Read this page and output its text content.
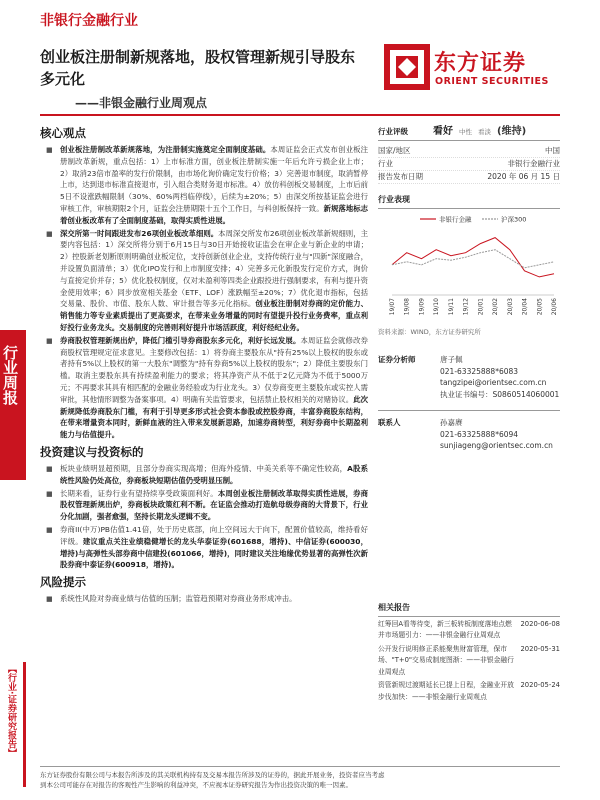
非银行金融行业
创业板注册制新规落地，股权管理新规引导股东多元化
——非银金融行业周观点
东方证券
ORIENT SECURITIES
行业周报
【行业·证券研究报告】
核心观点
■ 创业板注册制改革新规落地，为注册制实施奠定全面制度基础。本周证监会正式发布创业板注册制改革新规，重点包括：1）上市标准方面，创业板注册制实施一年后允许亏损企业上市；2）取消23倍市盈率的发行价限制，由市场化询价确定发行价格；3）完善退市制度，取消暂停上市，达到退市标准直接退市，引入组合类财务退市标准。4）放仿科创板交易制度，上市后前5日不设涨跌幅限制（30%、60%两档临停线），后续为±20%；5）由深交所按基证监会进行审核工作，审核期限2个月，证监会注册期限十五个工作日，与科创板保持一致。新规落地标志着创业板改革有了全面制度基础，取得实质性进展。
■ 深交所第一时间跟进发布26项创业板改革细则。本周深交所发布26项创业板改革新规细则，主要内容包括：1）深交所将分别于6月15日与30日开始接收证监会在审企业与新企业的申请；2）控股新老划断原则明确创业板定位，支持创新创业企业，支持传统行业与"四新"深度融合，并设置负面清单；3）优化IPO发行和上市制度安排；4）完善多元化新股发行定价方式，询价与直接定价并存；5）优化股权制度，仅对未盈利等四类企业跟投进行强制要求，有利与提升资金使用效率；6）同步放宽相关基金（ETF、LOF）涨跌幅至±20%；7）优化退市指标，包括交易量、股价、市值、股东人数、审计报告等多元化指标。创业板注册制对券商的定价能力、销售能力等专业素质提出了更高要求，在带来业务增量的同时有望提升投行业务费率，重点利好投行业务龙头。交易制度的完善则利好提升市场活跃度，利好经纪业务。
■ 券商股权管理新规出炉，降低门槛引导券商股东多元化，利好长远发展。本周证监会就修改券商股权管理规定征求意见。主要修改包括：1）将券商主要股东从"持有25%以上股权的股东或者持有5%以上股权的第一大股东"调整为"持有券商5%以上股权的股东"；2）降低主要股东门槛。取消主要股东具有持续盈利能力的要求；将其净资产从不低于2亿元降为不低于5000万元；不再要求其具有相匹配的金融业务经验或为行业龙头。3）仅券商变更主要股东或实控人需审批，其他情形调整为备案事项。4）明确有关监管要求，包括禁止股权相关的对赌协议。此次新规降低券商股东门槛，有利于引导更多形式社会资本参股或控股券商，丰富券商股东结构，在带来增量资本同时，新鲜血液的注入带来发展新思路，加速券商转型，利好券商中长期盈利能力与估值提升。
投资建议与投资标的
■ 板块业绩明显超预期，且部分券商实现高增；但海外疫情、中美关系等不确定性较高，A股系统性风险仍处高位，券商板块短期估值仍受明显压制。
■ 长期来看，证券行业有望持续享受政策面利好。本周创业板注册制改革取得实质性进展，券商股权管理新规出炉，券商板块政策红利不断。在证监会推动打造航母级券商的大背景下，行业分化加剧，强者愈强，坚持长期龙头逻辑不变。
■ 券商II(中万)PB估值1.41倍，处于历史底部，向上空间远大于向下，配置价值较高，维持看好评级。建议重点关注业绩稳健增长的龙头华泰证券(601688，增持)、中信证券(600030，增持)与高弹性头部券商中信建投(601066，增持)，同时建议关注地缘优势显著的高弹性次新股券商中泰证券(600918，增持)。
风险提示
■ 系统性风险对券商业绩与估值的压制；监管趋预期对券商业务形成冲击。
行业评级	看好 中性 看淡 (维持)
国家/地区	中国
行业	非银行金融行业
报告发布日期	2020 年 06 月 15 日
行业表现
非银行金融	沪深300
19/07 19/08 19/09 19/10 19/11 19/12 20/01 20/02 20/03 20/04 20/05 20/06
资料来源：WIND，东方证券研究所
证券分析师	唐子佩
021-63325888*6083
tangzipei@orientsec.com.cn
执业证书编号：S0860514060001
联系人	孙嘉赓
021-63325888*6094
sunjiageng@orientsec.com.cn
相关报告
红筹回A看等待变，新三板转板制度落地点燃并市场题引力：——非银金融行业周观点
2020-06-08
公开发行说明修正系能聚焦财富管理，保市场、"T+0"交易成制度图渐：——非银金融行业周观点
2020-05-31
资管新规过渡期延长已提上日程，金融业开放步伐加快：——非银金融行业周观点
2020-05-24
东方证券股份有限公司与本报告所涉及的其关联机构持有及交易本报告所涉及的证券的，据此开展业务，投资者应当考虑
到本公司可能存在对报告的客观性产生影响的利益冲突，不应视本证券研究报告为作出投资决策的唯一因素。
